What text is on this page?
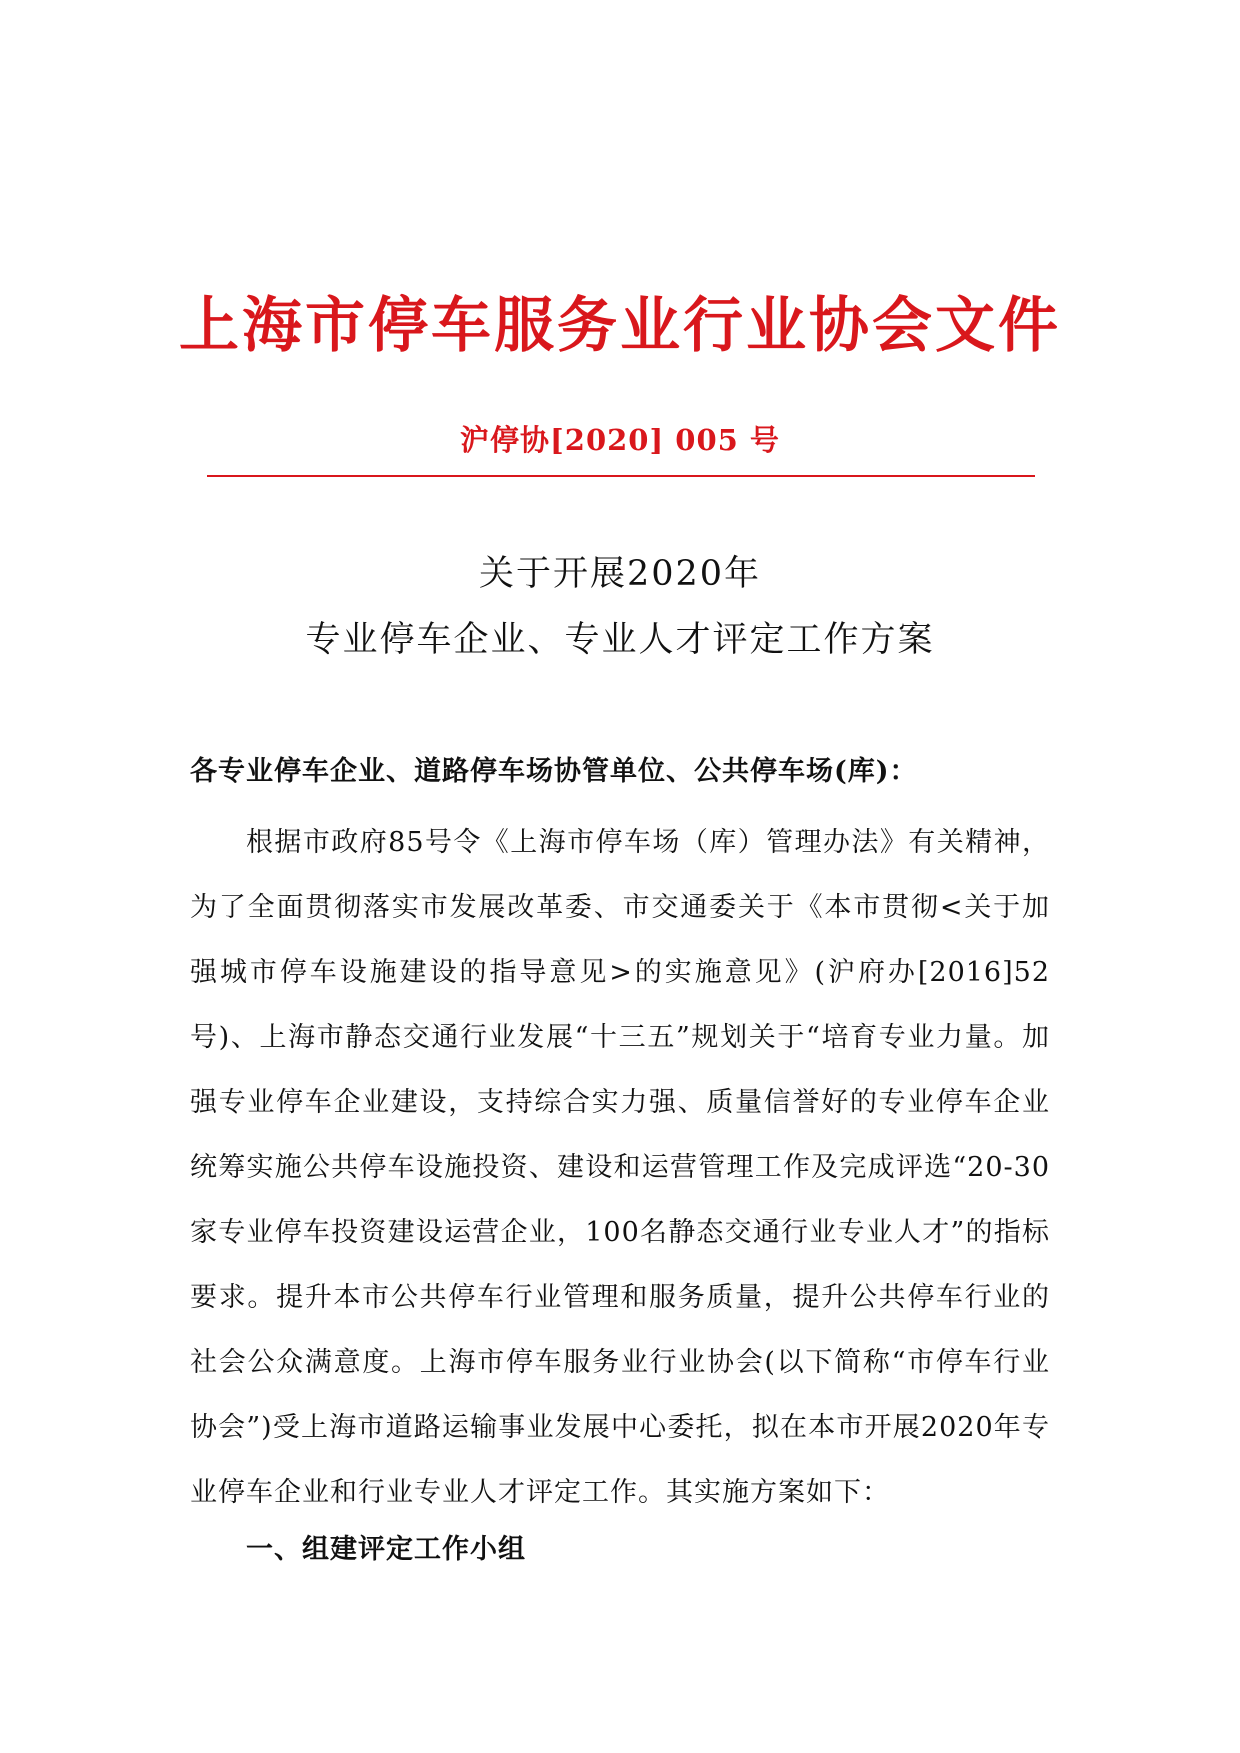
上海市停车服务业行业协会文件
沪停协[2020] 005 号
关于开展2020年
专业停车企业、专业人才评定工作方案
各专业停车企业、道路停车场协管单位、公共停车场(库)：

根据市政府85号令《上海市停车场（库）管理办法》有关精神，为了全面贯彻落实市发展改革委、市交通委关于《本市贯彻<关于加强城市停车设施建设的指导意见>的实施意见》(沪府办[2016]52号)、上海市静态交通行业发展“十三五”规划关于“培育专业力量。加强专业停车企业建设，支持综合实力强、质量信誉好的专业停车企业统筹实施公共停车设施投资、建设和运营管理工作及完成评选“20-30家专业停车投资建设运营企业，100名静态交通行业专业人才”的指标要求。提升本市公共停车行业管理和服务质量，提升公共停车行业的社会公众满意度。上海市停车服务业行业协会(以下简称“市停车行业协会”)受上海市道路运输事业发展中心委托，拟在本市开展2020年专业停车企业和行业专业人才评定工作。其实施方案如下：

一、组建评定工作小组
